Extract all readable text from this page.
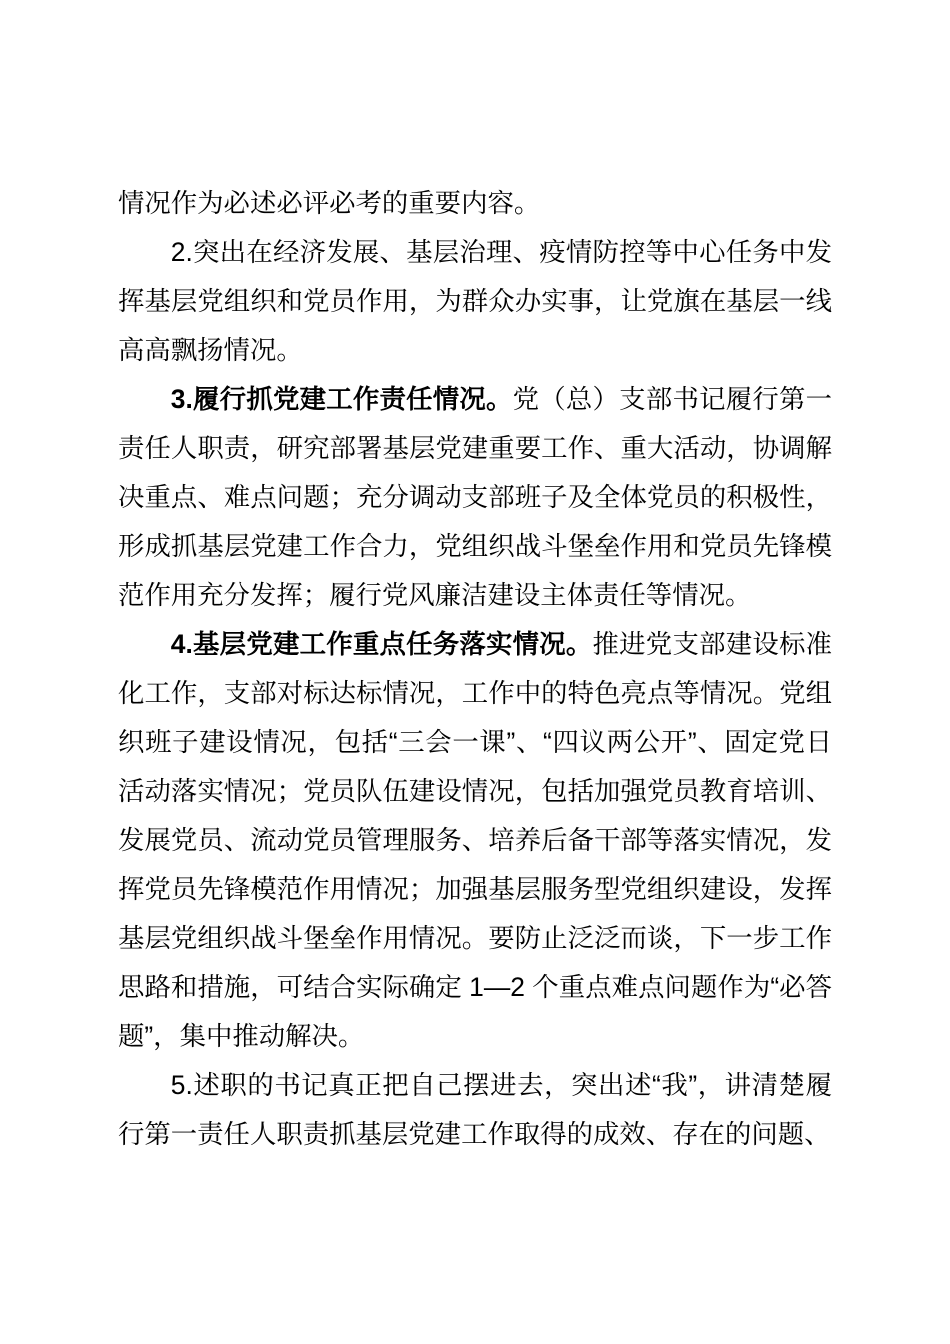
情况作为必述必评必考的重要内容。

2.突出在经济发展、基层治理、疫情防控等中心任务中发挥基层党组织和党员作用，为群众办实事，让党旗在基层一线高高飘扬情况。

3.履行抓党建工作责任情况。党（总）支部书记履行第一责任人职责，研究部署基层党建重要工作、重大活动，协调解决重点、难点问题；充分调动支部班子及全体党员的积极性，形成抓基层党建工作合力，党组织战斗堡垒作用和党员先锋模范作用充分发挥；履行党风廉洁建设主体责任等情况。

4.基层党建工作重点任务落实情况。推进党支部建设标准化工作，支部对标达标情况，工作中的特色亮点等情况。党组织班子建设情况，包括“三会一课”、“四议两公开”、固定党日活动落实情况；党员队伍建设情况，包括加强党员教育培训、发展党员、流动党员管理服务、培养后备干部等落实情况，发挥党员先锋模范作用情况；加强基层服务型党组织建设，发挥基层党组织战斗堡垒作用情况。要防止泛泛而谈，下一步工作思路和措施，可结合实际确定 1—2 个重点难点问题作为“必答题”，集中推动解决。

5.述职的书记真正把自己摆进去，突出述“我”，讲清楚履行第一责任人职责抓基层党建工作取得的成效、存在的问题、
